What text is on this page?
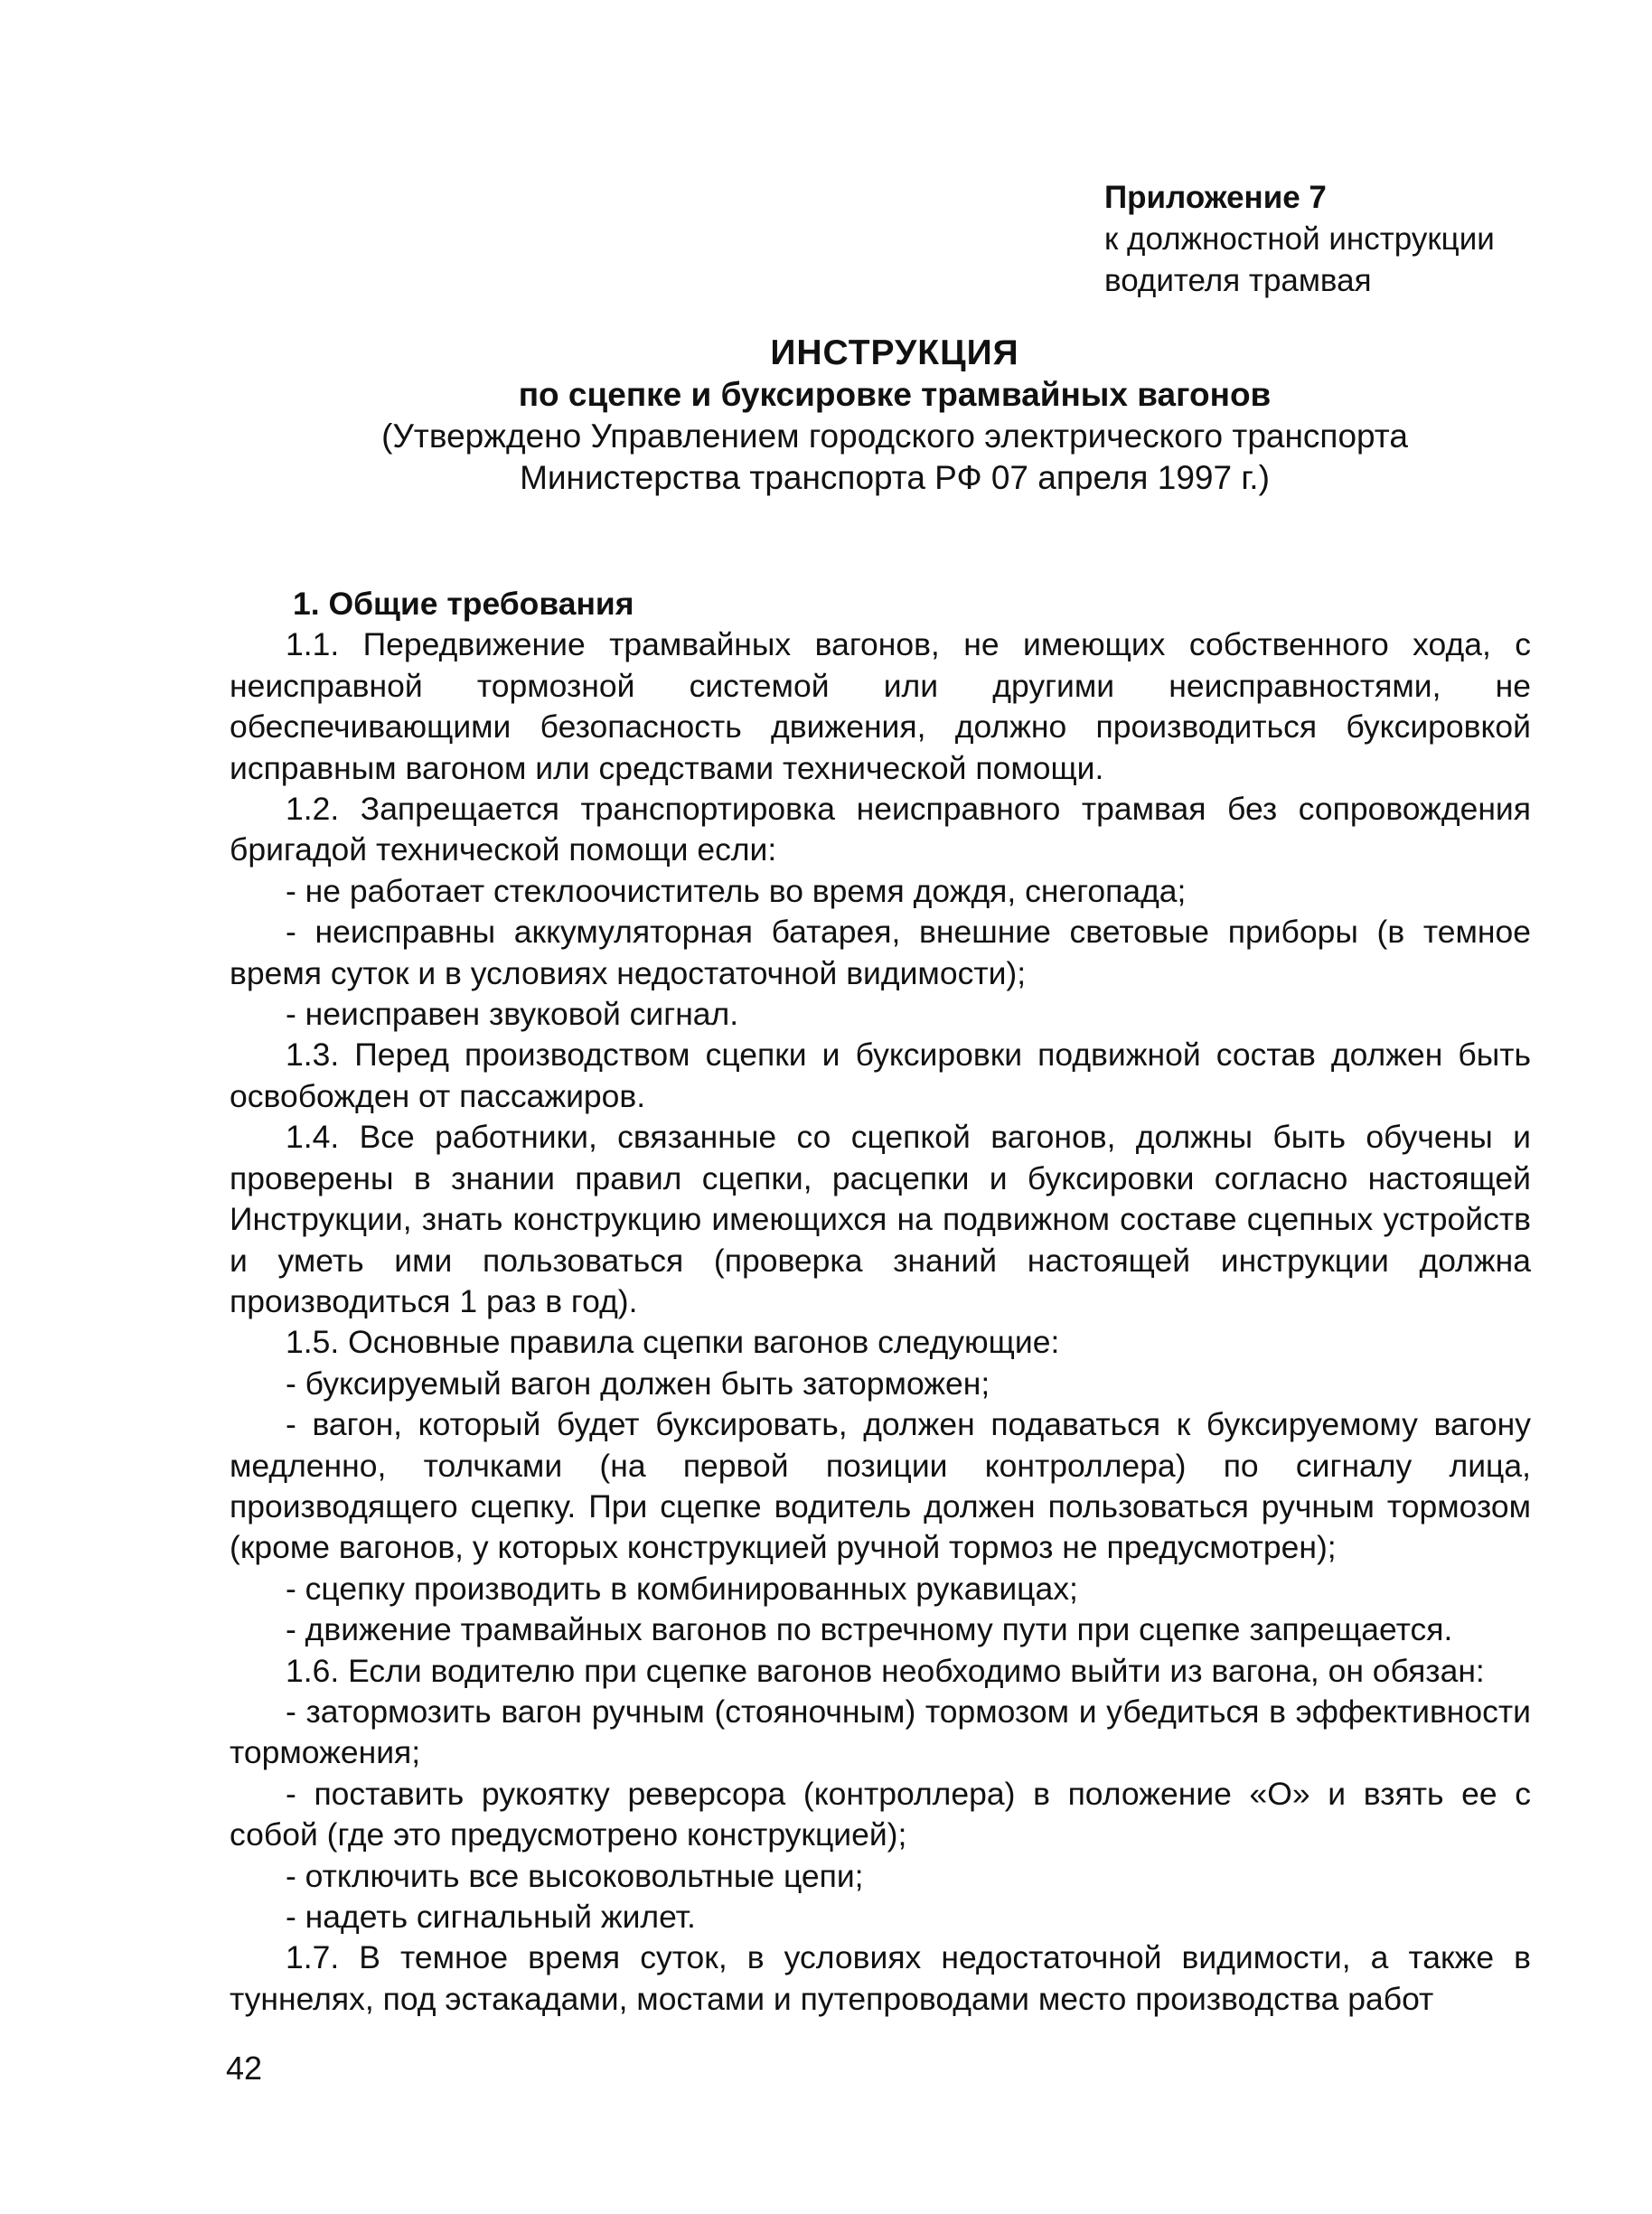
Приложение 7
к должностной инструкции
водителя трамвая
ИНСТРУКЦИЯ
по сцепке и буксировке трамвайных вагонов
(Утверждено Управлением городского электрического транспорта
Министерства транспорта РФ 07 апреля 1997 г.)

1. Общие требования

1.1. Передвижение трамвайных вагонов, не имеющих собственного хода, с неисправной тормозной системой или другими неисправностями, не обеспечивающими безопасность движения, должно производиться буксировкой исправным вагоном или средствами технической помощи.

1.2. Запрещается транспортировка неисправного трамвая без сопровождения бригадой технической помощи если:

- не работает стеклоочиститель во время дождя, снегопада;

- неисправны аккумуляторная батарея, внешние световые приборы (в темное время суток и в условиях недостаточной видимости);

- неисправен звуковой сигнал.

1.3. Перед производством сцепки и буксировки подвижной состав должен быть освобожден от пассажиров.

1.4. Все работники, связанные со сцепкой вагонов, должны быть обучены и проверены в знании правил сцепки, расцепки и буксировки согласно настоящей Инструкции, знать конструкцию имеющихся на подвижном составе сцепных устройств и уметь ими пользоваться (проверка знаний настоящей инструкции должна производиться 1 раз в год).

1.5. Основные правила сцепки вагонов следующие:

- буксируемый вагон должен быть заторможен;

- вагон, который будет буксировать, должен подаваться к буксируемому вагону медленно, толчками (на первой позиции контроллера) по сигналу лица, производящего сцепку. При сцепке водитель должен пользоваться ручным тормозом (кроме вагонов, у которых конструкцией ручной тормоз не предусмотрен);

- сцепку производить в комбинированных рукавицах;

- движение трамвайных вагонов по встречному пути при сцепке запрещается.

1.6. Если водителю при сцепке вагонов необходимо выйти из вагона, он обязан:

- затормозить вагон ручным (стояночным) тормозом и убедиться в эффективности торможения;

- поставить рукоятку реверсора (контроллера) в положение «О» и взять ее с собой (где это предусмотрено конструкцией);

- отключить все высоковольтные цепи;

- надеть сигнальный жилет.

1.7. В темное время суток, в условиях недостаточной видимости, а также в туннелях, под эстакадами, мостами и путепроводами место производства работ

42
